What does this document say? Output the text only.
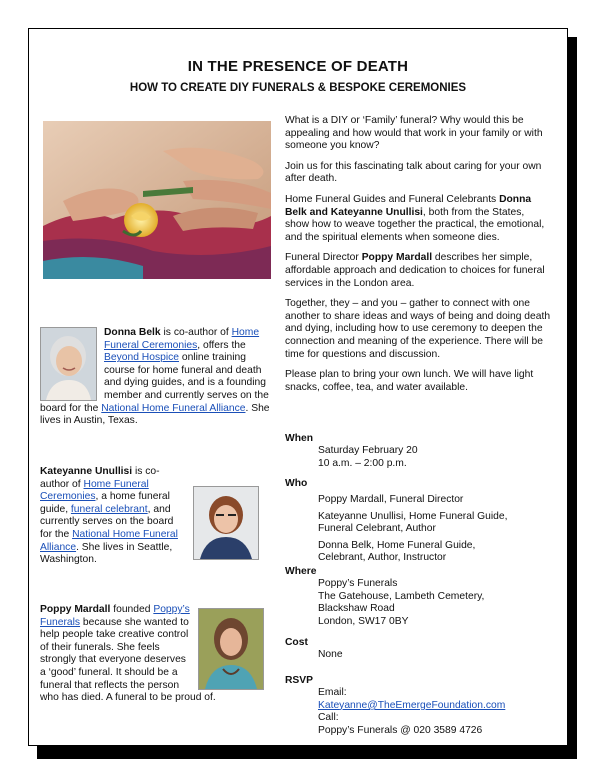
IN THE PRESENCE OF DEATH
HOW TO CREATE DIY FUNERALS & BESPOKE CEREMONIES
Donna Belk is co-author of Home Funeral Ceremonies, offers the Beyond Hospice online training course for home funeral and death and dying guides, and is a founding member and currently serves on the board for the National Home Funeral Alliance. She lives in Austin, Texas.
Kateyanne Unullisi is co-author of Home Funeral Ceremonies, a home funeral guide, funeral celebrant, and currently serves on the board for the National Home Funeral Alliance. She lives in Seattle, Washington.
Poppy Mardall founded Poppy’s Funerals because she wanted to help people take creative control of their funerals. She feels strongly that everyone deserves a ‘good’ funeral. It should be a funeral that reflects the person who has died. A funeral to be proud of.

What is a DIY or ‘Family’ funeral? Why would this be appealing and how would that work in your family or with someone you know?

Join us for this fascinating talk about caring for your own after death.

Home Funeral Guides and Funeral Celebrants Donna Belk and Kateyanne Unullisi, both from the States, show how to weave together the practical, the emotional, and the spiritual elements when someone dies.

Funeral Director Poppy Mardall describes her simple, affordable approach and dedication to choices for funeral services in the London area.

Together, they – and you – gather to connect with one another to share ideas and ways of being and doing death and dying, including how to use ceremony to deepen the connection and meaning of the experience. There will be time for questions and discussion.

Please plan to bring your own lunch. We will have light snacks, coffee, tea, and water available.

When
Saturday February 20
10 a.m. – 2:00 p.m.
Who
Poppy Mardall, Funeral Director
Kateyanne Unullisi, Home Funeral Guide, Funeral Celebrant, Author
Donna Belk, Home Funeral Guide, Celebrant, Author, Instructor
Where
Poppy’s Funerals
The Gatehouse, Lambeth Cemetery,
Blackshaw Road
London, SW17 0BY
Cost
None
RSVP
Email:
Kateyanne@TheEmergeFoundation.com
Call:
Poppy’s Funerals @ 020 3589 4726
